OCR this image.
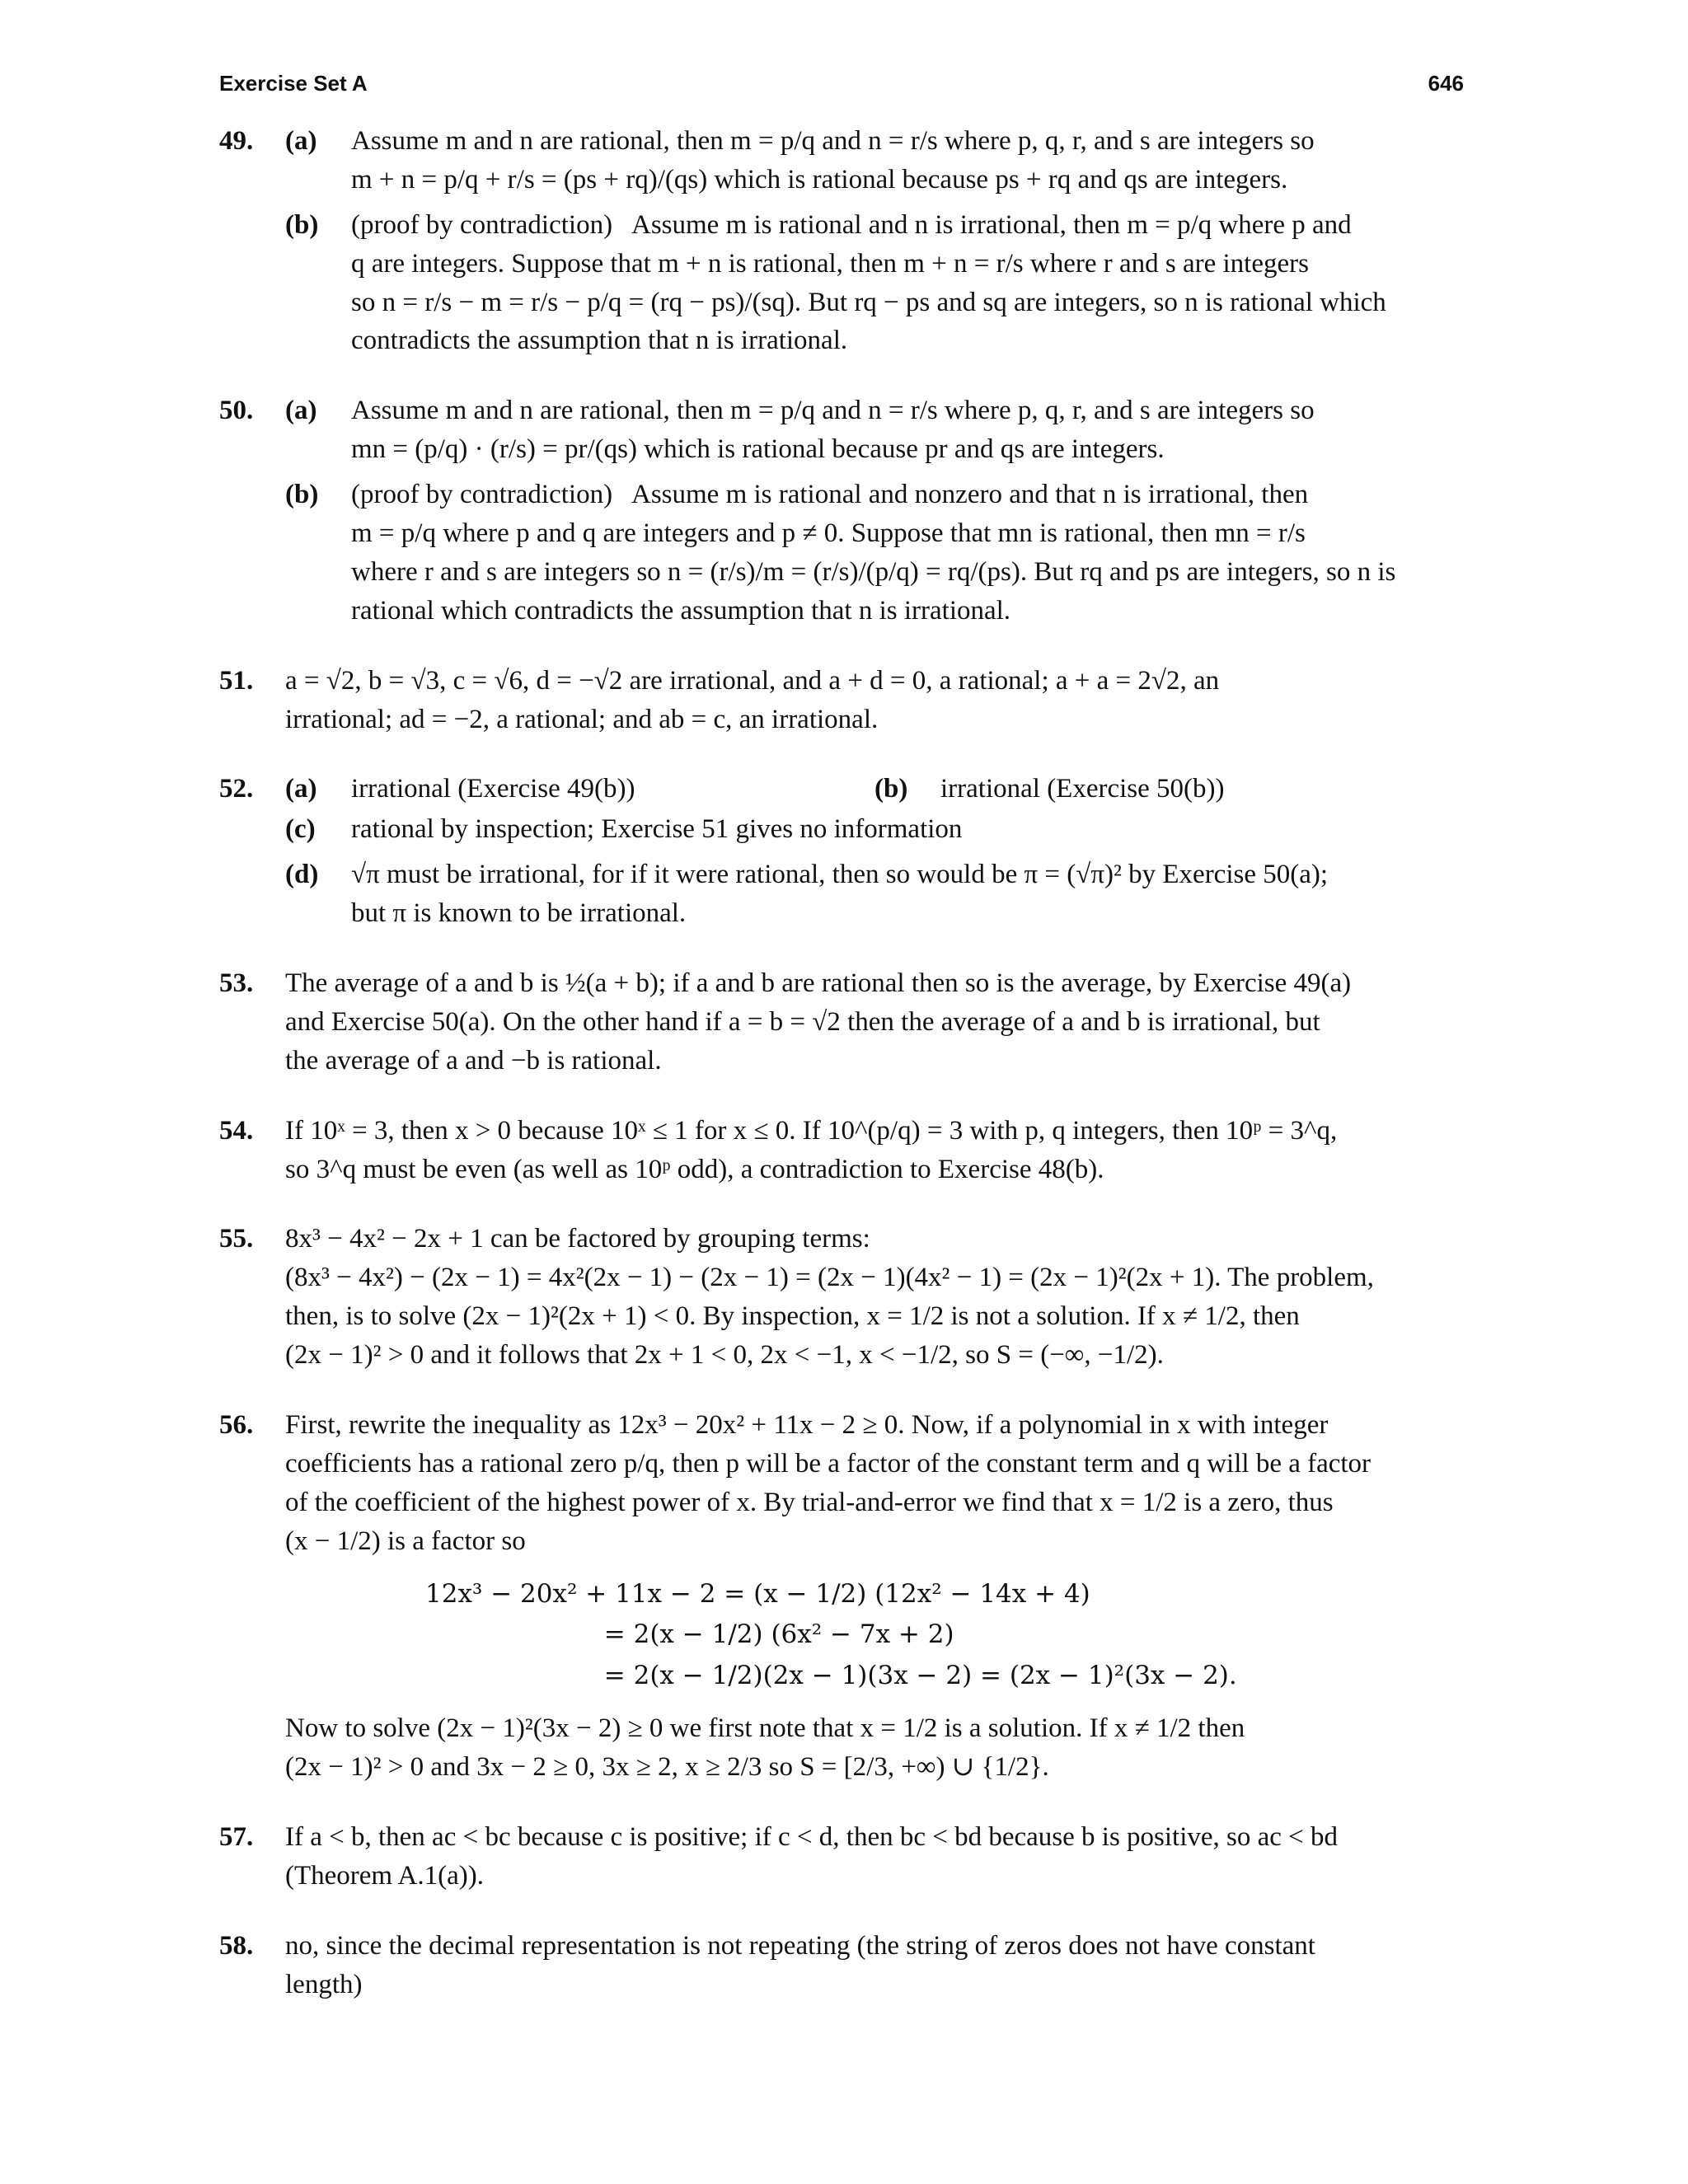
Exercise Set A	646
49.	(a) Assume m and n are rational, then m = p/q and n = r/s where p, q, r, and s are integers so
m + n = p/q + r/s = (ps + rq)/(qs) which is rational because ps + rq and qs are integers.
(b) (proof by contradiction)   Assume m is rational and n is irrational, then m = p/q where p and
q are integers. Suppose that m + n is rational, then m + n = r/s where r and s are integers
so n = r/s − m = r/s − p/q = (rq − ps)/(sq). But rq − ps and sq are integers, so n is rational which
contradicts the assumption that n is irrational.
50.	(a) Assume m and n are rational, then m = p/q and n = r/s where p, q, r, and s are integers so
mn = (p/q) · (r/s) = pr/(qs) which is rational because pr and qs are integers.
(b) (proof by contradiction)   Assume m is rational and nonzero and that n is irrational, then
m = p/q where p and q are integers and p ≠ 0. Suppose that mn is rational, then mn = r/s
where r and s are integers so n = (r/s)/m = (r/s)/(p/q) = rq/(ps). But rq and ps are integers, so n is
rational which contradicts the assumption that n is irrational.
51.	a = √2, b = √3, c = √6, d = −√2 are irrational, and a + d = 0, a rational; a + a = 2√2, an
irrational; ad = −2, a rational; and ab = c, an irrational.
52.	(a) irrational (Exercise 49(b))	(b) irrational (Exercise 50(b))
(c) rational by inspection; Exercise 51 gives no information
(d) √π must be irrational, for if it were rational, then so would be π = (√π)² by Exercise 50(a);
but π is known to be irrational.
53.	The average of a and b is ½(a + b); if a and b are rational then so is the average, by Exercise 49(a)
and Exercise 50(a). On the other hand if a = b = √2 then the average of a and b is irrational, but
the average of a and −b is rational.
54.	If 10ˣ = 3, then x > 0 because 10ˣ ≤ 1 for x ≤ 0. If 10^(p/q) = 3 with p, q integers, then 10ᵖ = 3^q,
so 3^q must be even (as well as 10ᵖ odd), a contradiction to Exercise 48(b).
55.	8x³ − 4x² − 2x + 1 can be factored by grouping terms:
(8x³ − 4x²) − (2x − 1) = 4x²(2x − 1) − (2x − 1) = (2x − 1)(4x² − 1) = (2x − 1)²(2x + 1). The problem,
then, is to solve (2x − 1)²(2x + 1) < 0. By inspection, x = 1/2 is not a solution. If x ≠ 1/2, then
(2x − 1)² > 0 and it follows that 2x + 1 < 0, 2x < −1, x < −1/2, so S = (−∞, −1/2).
56.	First, rewrite the inequality as 12x³ − 20x² + 11x − 2 ≥ 0. Now, if a polynomial in x with integer
coefficients has a rational zero p/q, then p will be a factor of the constant term and q will be a factor
of the coefficient of the highest power of x. By trial-and-error we find that x = 1/2 is a zero, thus
(x − 1/2) is a factor so
12x³ − 20x² + 11x − 2 = (x − 1/2) (12x² − 14x + 4)
= 2(x − 1/2) (6x² − 7x + 2)
= 2(x − 1/2)(2x − 1)(3x − 2) = (2x − 1)²(3x − 2).
Now to solve (2x − 1)²(3x − 2) ≥ 0 we first note that x = 1/2 is a solution. If x ≠ 1/2 then
(2x − 1)² > 0 and 3x − 2 ≥ 0, 3x ≥ 2, x ≥ 2/3 so S = [2/3, +∞) ∪ {1/2}.
57.	If a < b, then ac < bc because c is positive; if c < d, then bc < bd because b is positive, so ac < bd
(Theorem A.1(a)).
58.	no, since the decimal representation is not repeating (the string of zeros does not have constant
length)
